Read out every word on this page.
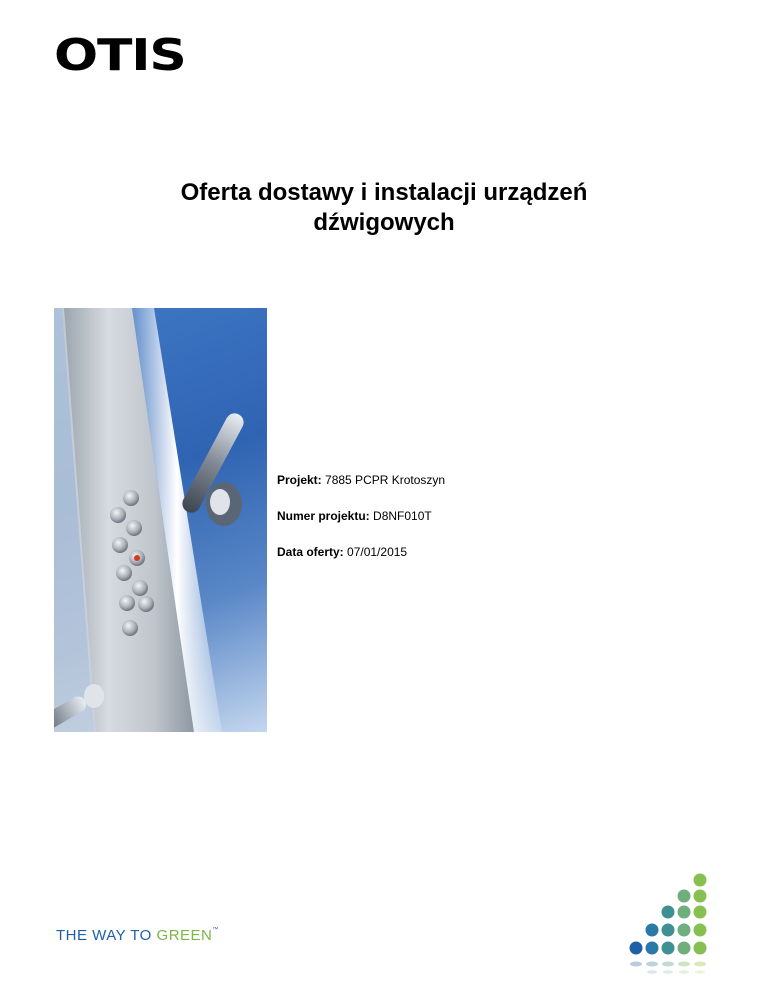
OTIS
Oferta dostawy i instalacji urządzeń
dźwigowych

Projekt: 7885 PCPR Krotoszyn

Numer projektu: D8NF010T

Data oferty: 07/01/2015

THE WAY TO GREEN™
